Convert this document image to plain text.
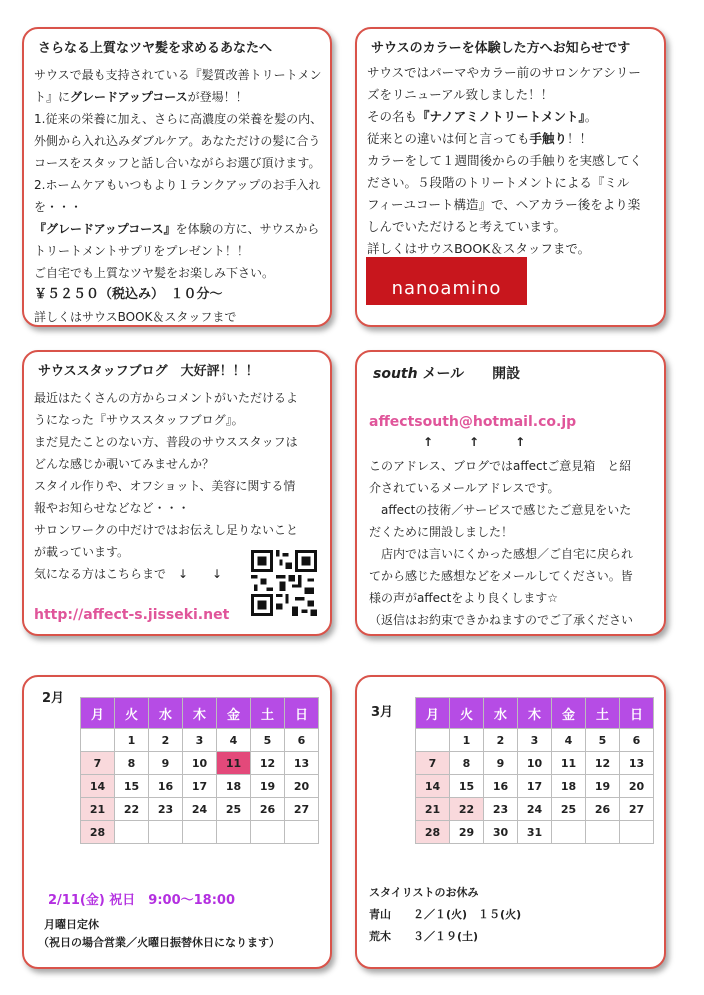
さらなる上質なツヤ髪を求めるあなたへ
サウスで最も支持されている『髪質改善トリートメン
ト』にグレードアップコースが登場！！
1.従来の栄養に加え、さらに高濃度の栄養を髪の内、
外側から入れ込みダブルケア。あなただけの髪に合う
コースをスタッフと話し合いながらお選び頂けます。
2.ホームケアもいつもより１ランクアップのお手入れ
を・・・
『グレードアップコース』を体験の方に、サウスから
トリートメントサプリをプレゼント！！
ご自宅でも上質なツヤ髪をお楽しみ下さい。
￥５２５０（税込み）　１０分～
詳しくはサウスBOOK＆スタッフまで
サウスのカラーを体験した方へお知らせです
サウスではパーマやカラー前のサロンケアシリー
ズをリニューアル致しました！！
その名も『ナノアミノトリートメント』。
従来との違いは何と言っても手触り！！
カラーをして１週間後からの手触りを実感してく
ださい。５段階のトリートメントによる『ミル
フィーユコート構造』で、ヘアカラー後をより楽
しんでいただけると考えています。
詳しくはサウスBOOK＆スタッフまで。
nanoamino
サウススタッフブログ　大好評！！！
最近はたくさんの方からコメントがいただけるよ
うになった『サウススタッフブログ』。
まだ見たことのない方、普段のサウススタッフは
どんな感じか覗いてみませんか？
スタイル作りや、オフショット、美容に関する情
報やお知らせなどなど・・・
サロンワークの中だけではお伝えし足りないこと
が載っています。
気になる方はこちらまで　↓　　↓
http://affect-s.jisseki.net
south メール　　開設
affectsouth@hotmail.co.jp
↑　　　↑　　　↑
このアドレス、ブログではaffectご意見箱　と紹
介されているメールアドレスです。
　affectの技術／サービスで感じたご意見をいた
だくために開設しました！
　店内では言いにくかった感想／ご自宅に戻られ
てから感じた感想などをメールしてください。皆
様の声がaffectをより良くします☆
（返信はお約束できかねますのでご了承ください
2月
月	火	水	木	金	土	日
	1	2	3	4	5	6
7	8	9	10	11	12	13
14	15	16	17	18	19	20
21	22	23	24	25	26	27
28						
2/11(金) 祝日　9:00～18:00
月曜日定休
（祝日の場合営業／火曜日振替休日になります）
3月	月	火	水	木	金	土	日
	1	2	3	4	5	6
7	8	9	10	11	12	13
14	15	16	17	18	19	20
21	22	23	24	25	26	27
28	29	30	31			
スタイリストのお休み
青山　　２／１(火)　１５(火)
荒木　　３／１９(土)
